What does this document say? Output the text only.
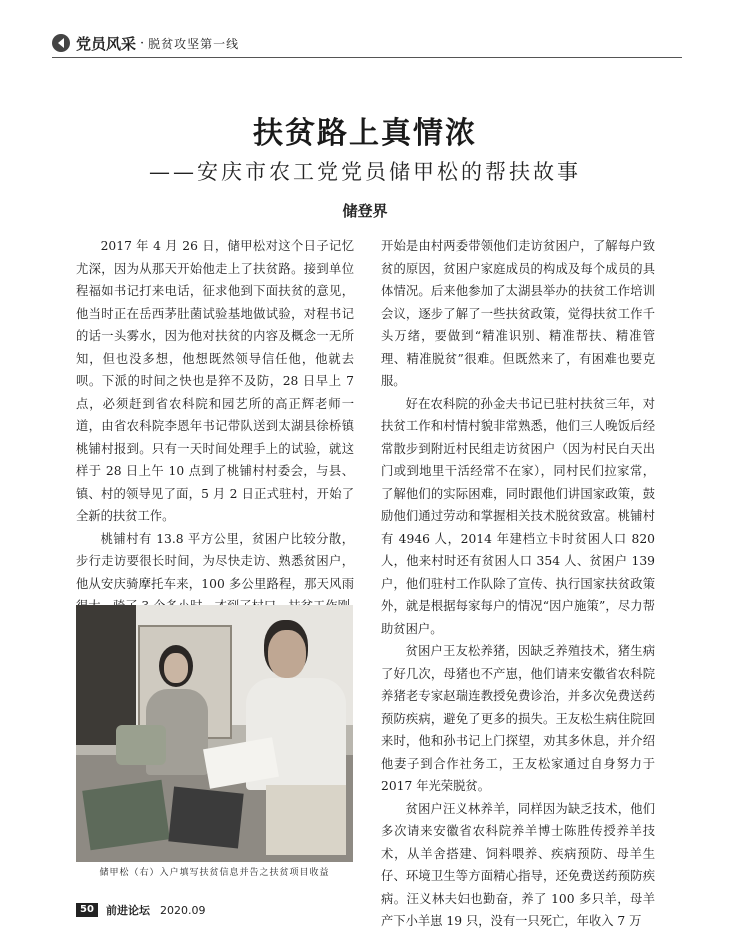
党员风采 · 脱贫攻坚第一线
扶贫路上真情浓
——安庆市农工党党员储甲松的帮扶故事
储登界

2017 年 4 月 26 日，储甲松对这个日子记忆尤深，因为从那天开始他走上了扶贫路。接到单位程福如书记打来电话，征求他到下面扶贫的意见，他当时正在岳西茅肚菌试验基地做试验，对程书记的话一头雾水，因为他对扶贫的内容及概念一无所知，但也没多想，他想既然领导信任他，他就去呗。下派的时间之快也是猝不及防，28 日早上 7 点，必须赶到省农科院和园艺所的高正辉老师一道，由省农科院李恩年书记带队送到太湖县徐桥镇桃铺村报到。只有一天时间处理手上的试验，就这样于 28 日上午 10 点到了桃铺村村委会，与县、镇、村的领导见了面，5 月 2 日正式驻村，开始了全新的扶贫工作。

桃铺村有 13.8 平方公里，贫困户比较分散，步行走访要很长时间，为尽快走访、熟悉贫困户，他从安庆骑摩托车来，100 多公里路程，那天风雨

储甲松（右）入户填写扶贫信息并告之扶贫项目收益

开始是由村两委带领他们走访贫困户，了解每户致贫的原因，贫困户家庭成员的构成及每个成员的具体情况。后来他参加了太湖县举办的扶贫工作培训会议，逐步了解了一些扶贫政策，觉得扶贫工作千头万绪，要做到“精准识别、精准帮扶、精准管理、精准脱贫”很难。但既然来了，有困难也要克服。

好在农科院的孙金夫书记已驻村扶贫三年，对扶贫工作和村情村貌非常熟悉，他们三人晚饭后经常散步到附近村民组走访贫困户（因为村民白天出门或到地里干活经常不在家），同村民们拉家常，了解他们的实际困难，同时跟他们讲国家政策，鼓励他们通过劳动和掌握相关技术脱贫致富。桃铺村有 4946 人，2014 年建档立卡时贫困人口 820 人，他来村时还有贫困人口 354 人、贫困户 139 户，他们驻村工作队除了宣传、执行国家扶贫政策外，就是根据每家每户的情况“因户施策”，尽力帮助贫困户。

贫困户王友松养猪，因缺乏养殖技术，猪生病了好几次，母猪也不产崽，他们请来安徽省农科院养猪老专家赵瑞连教授免费诊治，并多次免费送药预防疾病，避免了更多的损失。王友松生病住院回来时，他和孙书记上门探望，劝其多休息，并介绍他妻子到合作社务工，王友松家通过自身努力于 2017 年光荣脱贫。

贫困户汪义林养羊，同样因为缺乏技术，他们多次请来安徽省农科院养羊博士陈胜传授养羊技术，从羊舍搭建、饲料喂养、疾病预防、母羊生仔、环境卫生等方面精心指导，还免费送药预防疾病。汪义林夫妇也勤奋，养了 100 多只羊，母羊产下小羊崽 19 只，没有一只死亡，年收入 7 万

50	前进论坛 2020.09
